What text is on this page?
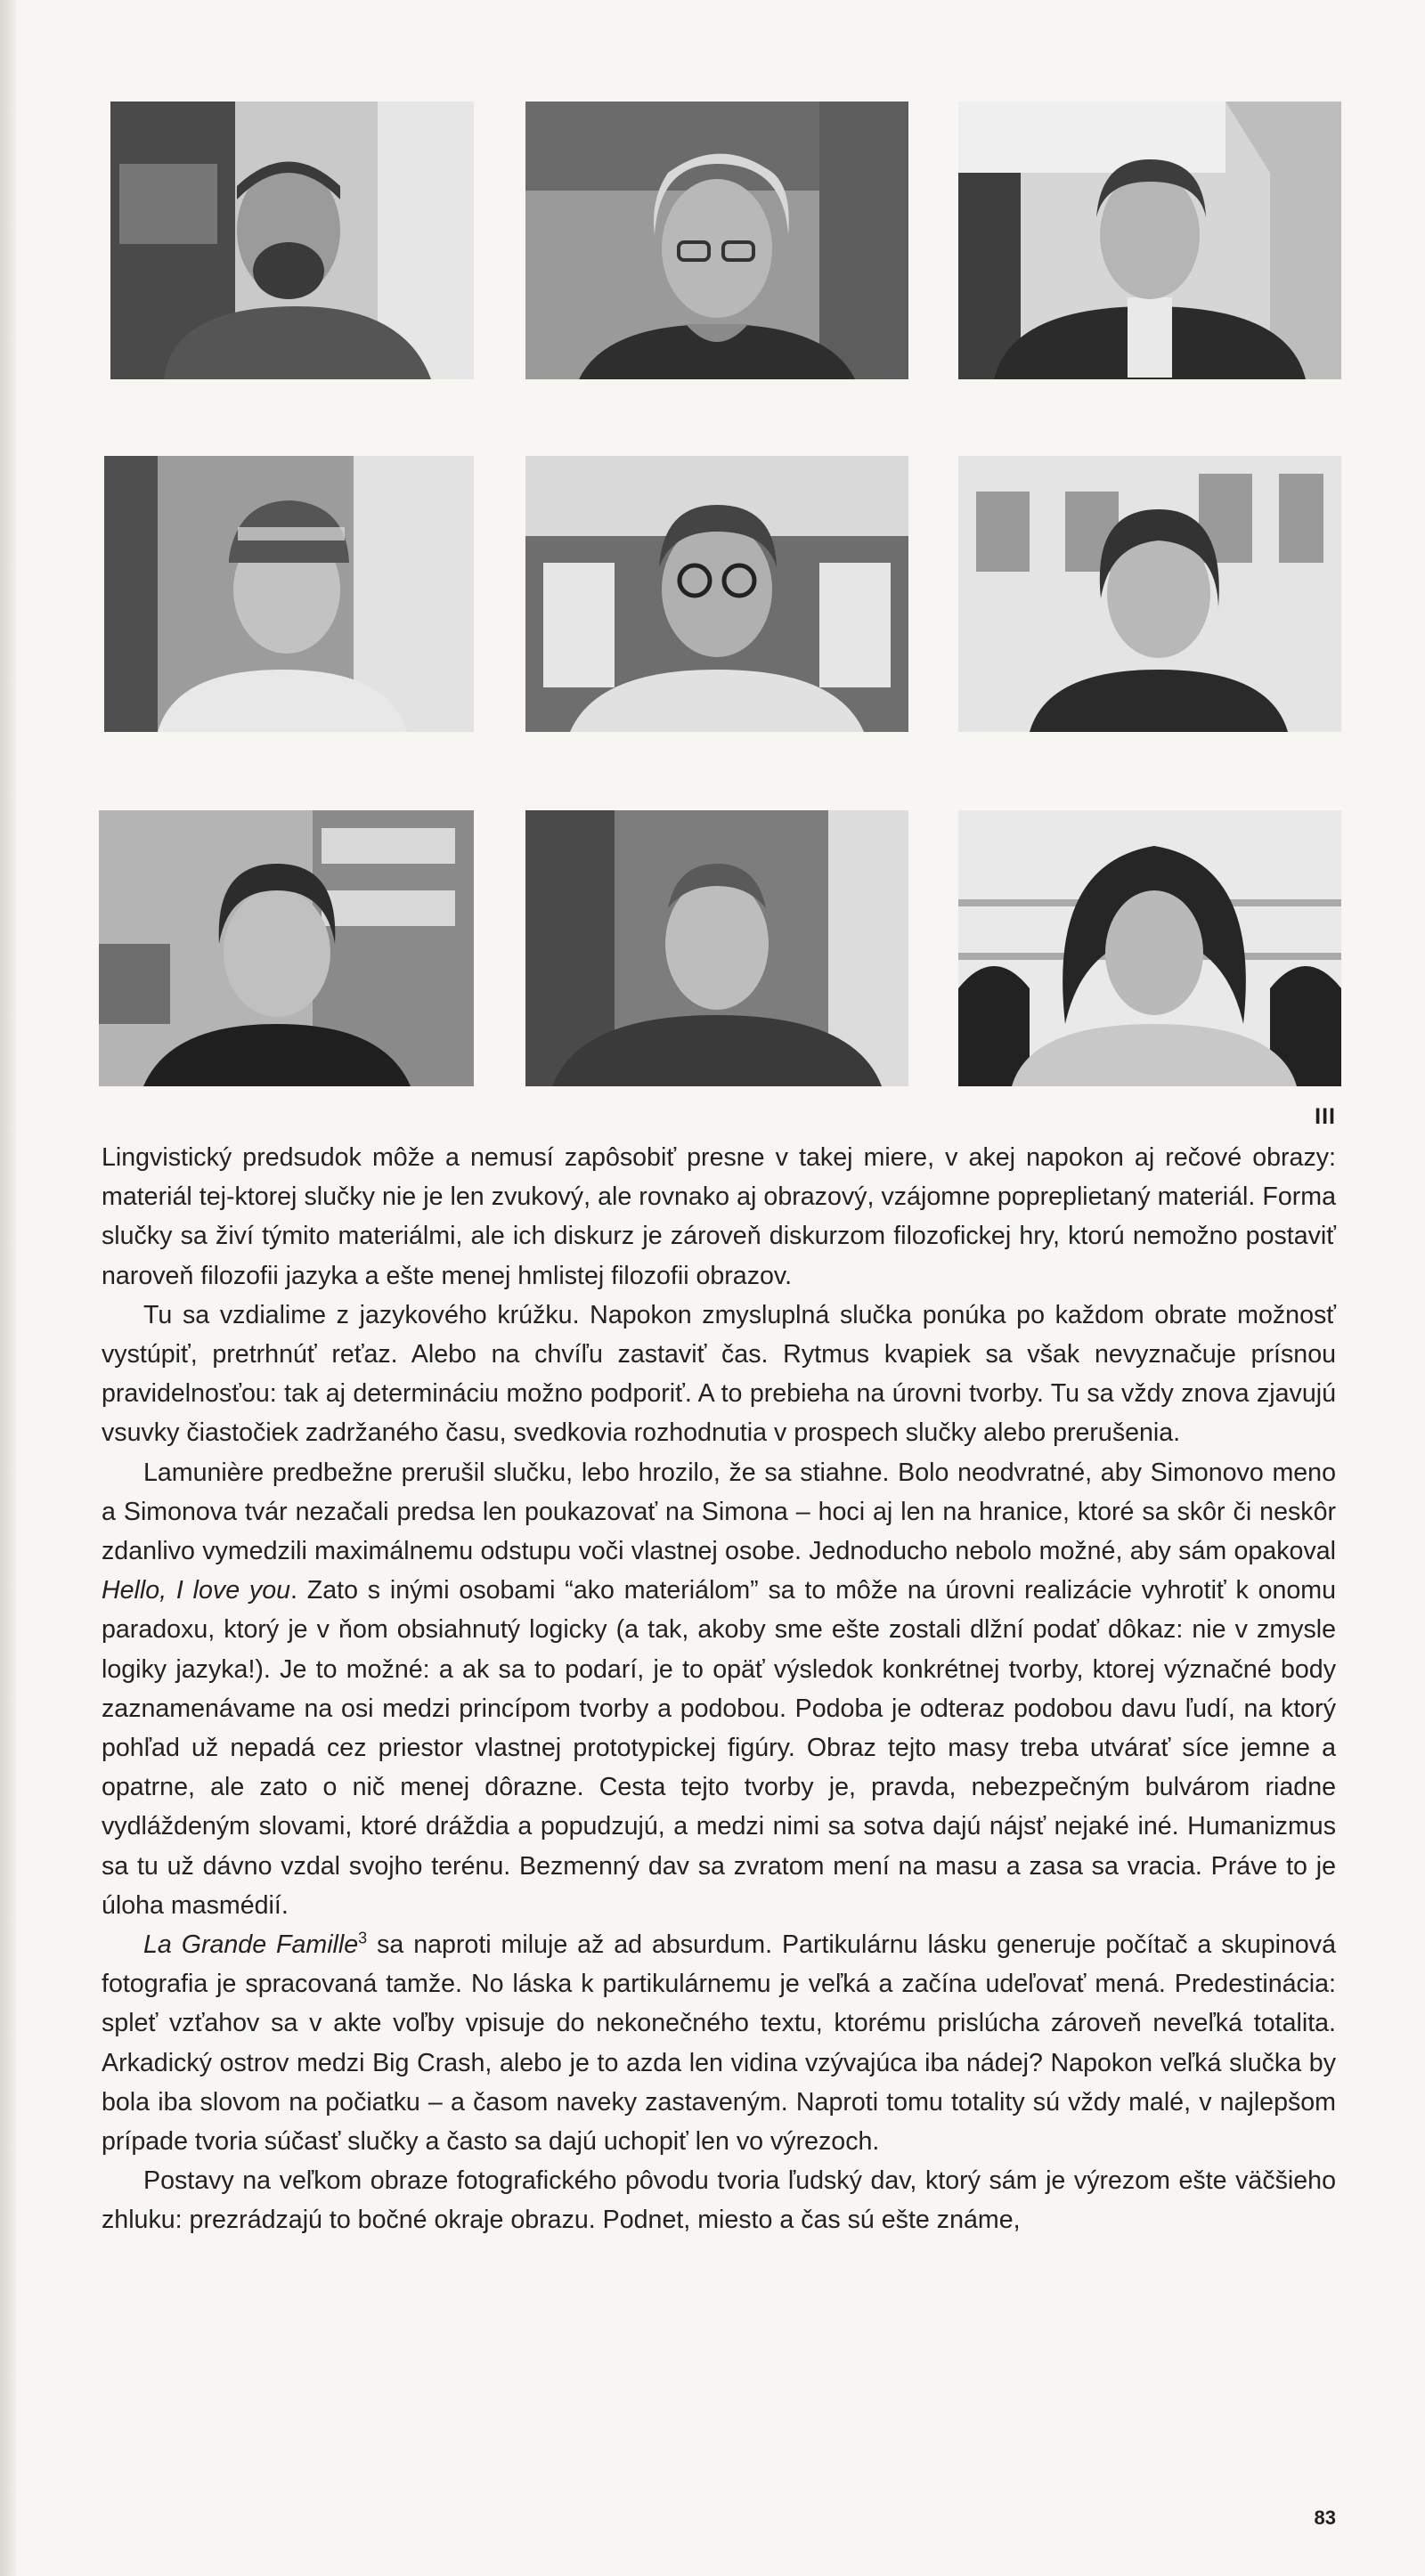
III

Lingvistický predsudok môže a nemusí zapôsobiť presne v takej miere, v akej napokon aj rečové obrazy: materiál tej-ktorej slučky nie je len zvukový, ale rovnako aj obrazový, vzájomne popreplietaný materiál. Forma slučky sa živí týmito materiálmi, ale ich diskurz je zároveň diskurzom filozofickej hry, ktorú nemožno postaviť naroveň filozofii jazyka a ešte menej hmlistej filozofii obrazov.

Tu sa vzdialime z jazykového krúžku. Napokon zmysluplná slučka ponúka po každom obrate možnosť vystúpiť, pretrhnúť reťaz. Alebo na chvíľu zastaviť čas. Rytmus kvapiek sa však nevyznačuje prísnou pravidelnosťou: tak aj determináciu možno podporiť. A to prebieha na úrovni tvorby. Tu sa vždy znova zjavujú vsuvky čiastočiek zadržaného času, svedkovia rozhodnutia v prospech slučky alebo prerušenia.

Lamunière predbežne prerušil slučku, lebo hrozilo, že sa stiahne. Bolo neodvratné, aby Simonovo meno a Simonova tvár nezačali predsa len poukazovať na Simona – hoci aj len na hranice, ktoré sa skôr či neskôr zdanlivo vymedzili maximálnemu odstupu voči vlastnej osobe. Jednoducho nebolo možné, aby sám opakoval Hello, I love you. Zato s inými osobami “ako materiálom” sa to môže na úrovni realizácie vyhrotiť k onomu paradoxu, ktorý je v ňom obsiahnutý logicky (a tak, akoby sme ešte zostali dlžní podať dôkaz: nie v zmysle logiky jazyka!). Je to možné: a ak sa to podarí, je to opäť výsledok konkrétnej tvorby, ktorej význačné body zaznamenávame na osi medzi princípom tvorby a podobou. Podoba je odteraz podobou davu ľudí, na ktorý pohľad už nepadá cez priestor vlastnej prototypickej figúry. Obraz tejto masy treba utvárať síce jemne a opatrne, ale zato o nič menej dôrazne. Cesta tejto tvorby je, pravda, nebezpečným bulvárom riadne vydláždeným slovami, ktoré dráždia a popudzujú, a medzi nimi sa sotva dajú nájsť nejaké iné. Humanizmus sa tu už dávno vzdal svojho terénu. Bezmenný dav sa zvratom mení na masu a zasa sa vracia. Práve to je úloha masmédií.

La Grande Famille$^3$ sa naproti miluje až ad absurdum. Partikulárnu lásku generuje počítač a skupinová fotografia je spracovaná tamže. No láska k partikulárnemu je veľká a začína udeľovať mená. Predestinácia: spleť vzťahov sa v akte voľby vpisuje do nekonečného textu, ktorému prislúcha zároveň neveľká totalita. Arkadický ostrov medzi Big Crash, alebo je to azda len vidina vzývajúca iba nádej? Napokon veľká slučka by bola iba slovom na počiatku – a časom naveky zastaveným. Naproti tomu totality sú vždy malé, v najlepšom prípade tvoria súčasť slučky a často sa dajú uchopiť len vo výrezoch.

Postavy na veľkom obraze fotografického pôvodu tvoria ľudský dav, ktorý sám je výrezom ešte väčšieho zhluku: prezrádzajú to bočné okraje obrazu. Podnet, miesto a čas sú ešte známe,

83
